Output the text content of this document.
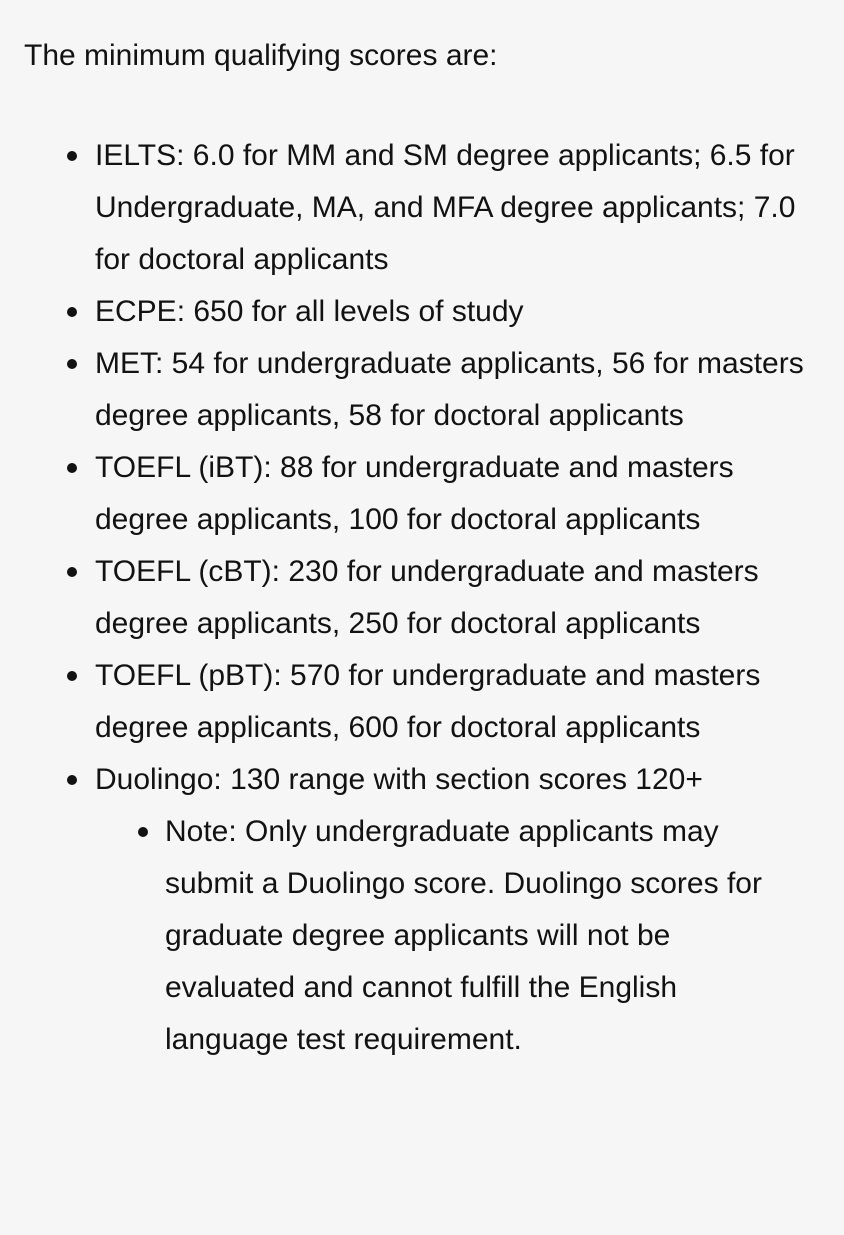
The minimum qualifying scores are:

IELTS: 6.0 for MM and SM degree applicants; 6.5 for Undergraduate, MA, and MFA degree applicants; 7.0 for doctoral applicants
ECPE: 650 for all levels of study
MET: 54 for undergraduate applicants, 56 for masters degree applicants, 58 for doctoral applicants
TOEFL (iBT): 88 for undergraduate and masters degree applicants, 100 for doctoral applicants
TOEFL (cBT): 230 for undergraduate and masters degree applicants, 250 for doctoral applicants
TOEFL (pBT): 570 for undergraduate and masters degree applicants, 600 for doctoral applicants
Duolingo: 130 range with section scores 120+
Note: Only undergraduate applicants may submit a Duolingo score. Duolingo scores for graduate degree applicants will not be evaluated and cannot fulfill the English language test requirement.
